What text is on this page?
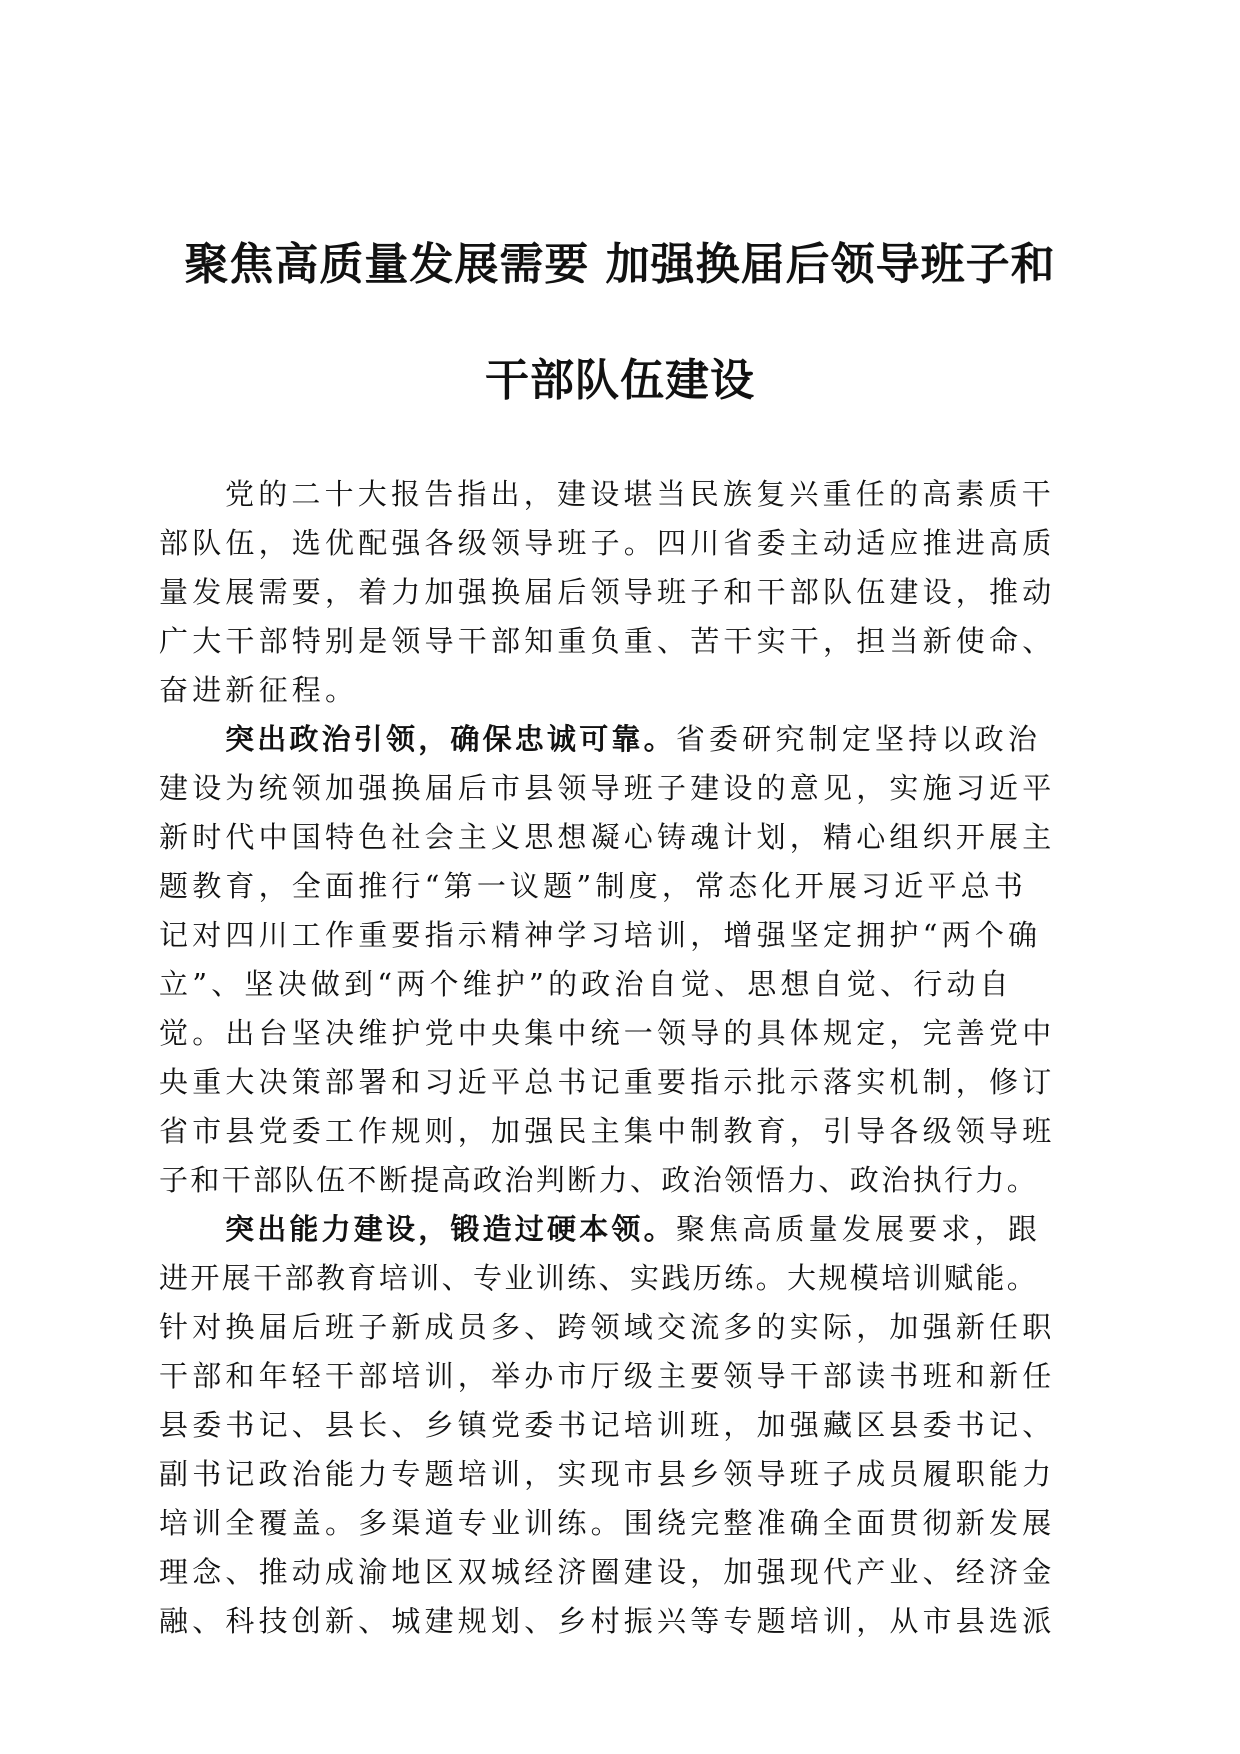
聚焦高质量发展需要 加强换届后领导班子和
干部队伍建设
党的二十大报告指出，建设堪当民族复兴重任的高素质干
部队伍，选优配强各级领导班子。四川省委主动适应推进高质
量发展需要，着力加强换届后领导班子和干部队伍建设，推动
广大干部特别是领导干部知重负重、苦干实干，担当新使命、
奋进新征程。
突出政治引领，确保忠诚可靠。省委研究制定坚持以政治
建设为统领加强换届后市县领导班子建设的意见，实施习近平
新时代中国特色社会主义思想凝心铸魂计划，精心组织开展主
题教育，全面推行“第一议题”制度，常态化开展习近平总书
记对四川工作重要指示精神学习培训，增强坚定拥护“两个确
立”、坚决做到“两个维护”的政治自觉、思想自觉、行动自
觉。出台坚决维护党中央集中统一领导的具体规定，完善党中
央重大决策部署和习近平总书记重要指示批示落实机制，修订
省市县党委工作规则，加强民主集中制教育，引导各级领导班
子和干部队伍不断提高政治判断力、政治领悟力、政治执行力。
突出能力建设，锻造过硬本领。聚焦高质量发展要求，跟
进开展干部教育培训、专业训练、实践历练。大规模培训赋能。
针对换届后班子新成员多、跨领域交流多的实际，加强新任职
干部和年轻干部培训，举办市厅级主要领导干部读书班和新任
县委书记、县长、乡镇党委书记培训班，加强藏区县委书记、
副书记政治能力专题培训，实现市县乡领导班子成员履职能力
培训全覆盖。多渠道专业训练。围绕完整准确全面贯彻新发展
理念、推动成渝地区双城经济圈建设，加强现代产业、经济金
融、科技创新、城建规划、乡村振兴等专题培训，从市县选派
